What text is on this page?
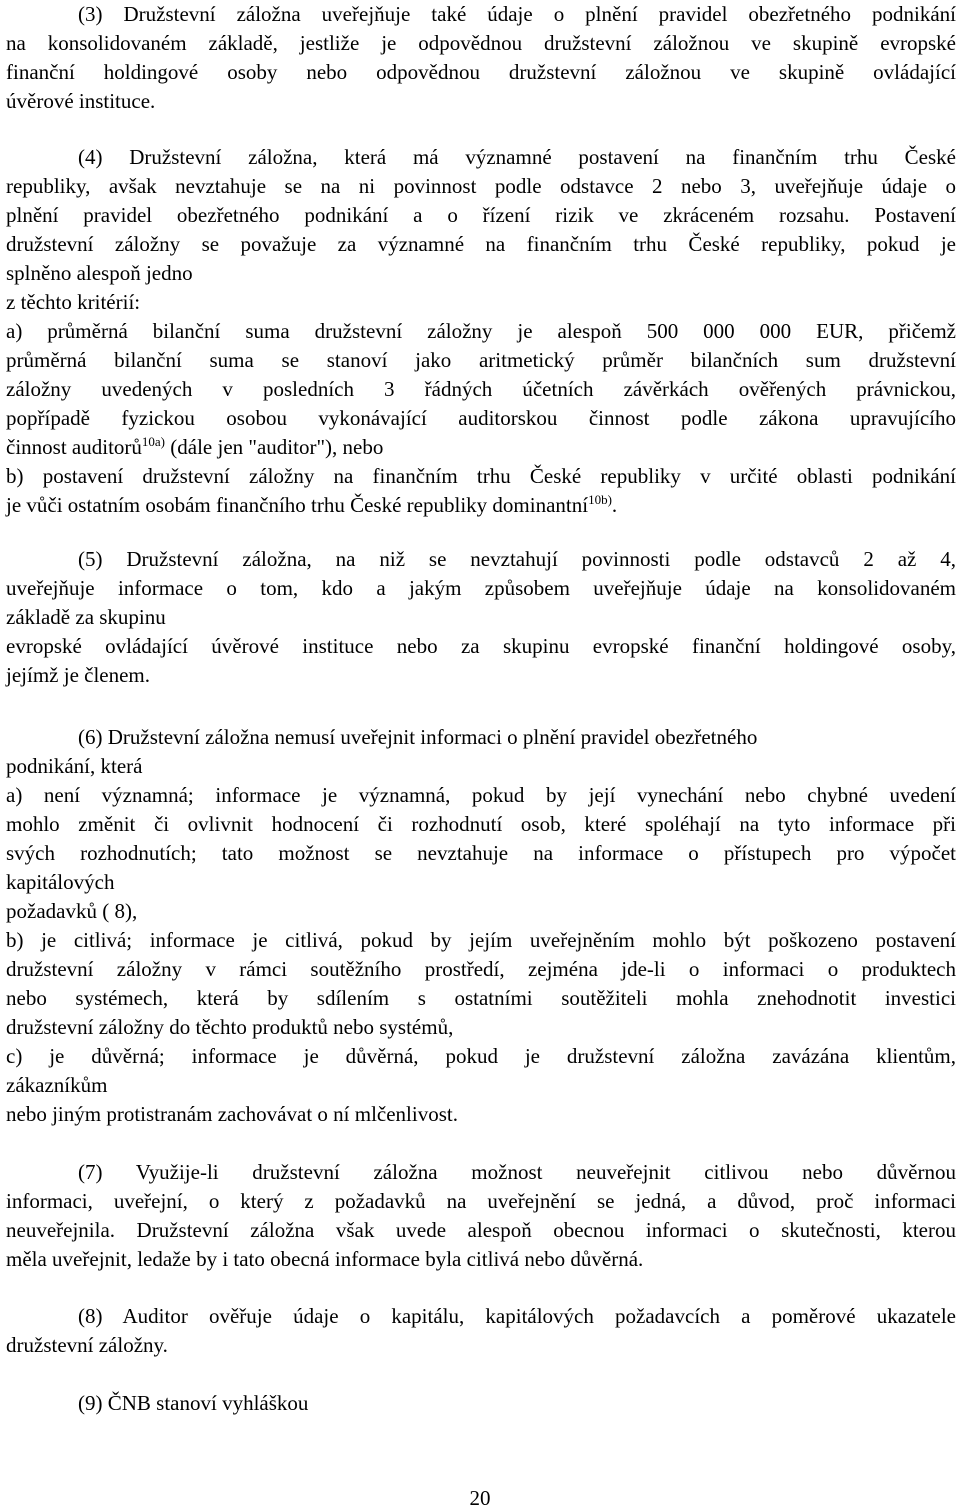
(3) Družstevní záložna uveřejňuje také údaje o plnění pravidel obezřetného podnikání
na konsolidovaném základě, jestliže je odpovědnou družstevní záložnou ve skupině evropské
finanční holdingové osoby nebo odpovědnou družstevní záložnou ve skupině ovládající
úvěrové instituce.
(4) Družstevní záložna, která má významné postavení na finančním trhu České
republiky, avšak nevztahuje se na ni povinnost podle odstavce 2 nebo 3, uveřejňuje údaje o
plnění pravidel obezřetného podnikání a o řízení rizik ve zkráceném rozsahu. Postavení
družstevní záložny se považuje za významné na finančním trhu České republiky, pokud je
splněno alespoň jedno
z těchto kritérií:
a) průměrná bilanční suma družstevní záložny je alespoň 500 000 000 EUR, přičemž
průměrná bilanční suma se stanoví jako aritmetický průměr bilančních sum družstevní
záložny uvedených v posledních 3 řádných účetních závěrkách ověřených právnickou,
popřípadě fyzickou osobou vykonávající auditorskou činnost podle zákona upravujícího
činnost auditorů$^{10a)}$ (dále jen "auditor"), nebo
b) postavení družstevní záložny na finančním trhu České republiky v určité oblasti podnikání
je vůči ostatním osobám finančního trhu České republiky dominantní$^{10b)}$.
(5) Družstevní záložna, na niž se nevztahují povinnosti podle odstavců 2 až 4,
uveřejňuje informace o tom, kdo a jakým způsobem uveřejňuje údaje na konsolidovaném
základě za skupinu
evropské ovládající úvěrové instituce nebo za skupinu evropské finanční holdingové osoby,
jejímž je členem.
(6) Družstevní záložna nemusí uveřejnit informaci o plnění pravidel obezřetného
podnikání, která
a) není významná; informace je významná, pokud by její vynechání nebo chybné uvedení
mohlo změnit či ovlivnit hodnocení či rozhodnutí osob, které spoléhají na tyto informace při
svých rozhodnutích; tato možnost se nevztahuje na informace o přístupech pro výpočet
kapitálových
požadavků ( 8),
b) je citlivá; informace je citlivá, pokud by jejím uveřejněním mohlo být poškozeno postavení
družstevní záložny v rámci soutěžního prostředí, zejména jde-li o informaci o produktech
nebo systémech, která by sdílením s ostatními soutěžiteli mohla znehodnotit investici
družstevní záložny do těchto produktů nebo systémů,
c) je důvěrná; informace je důvěrná, pokud je družstevní záložna zavázána klientům,
zákazníkům
nebo jiným protistranám zachovávat o ní mlčenlivost.
(7) Využije-li družstevní záložna možnost neuveřejnit citlivou nebo důvěrnou
informaci, uveřejní, o který z požadavků na uveřejnění se jedná, a důvod, proč informaci
neuveřejnila. Družstevní záložna však uvede alespoň obecnou informaci o skutečnosti, kterou
měla uveřejnit, ledaže by i tato obecná informace byla citlivá nebo důvěrná.
(8) Auditor ověřuje údaje o kapitálu, kapitálových požadavcích a poměrové ukazatele
družstevní záložny.
(9) ČNB stanoví vyhláškou
20
